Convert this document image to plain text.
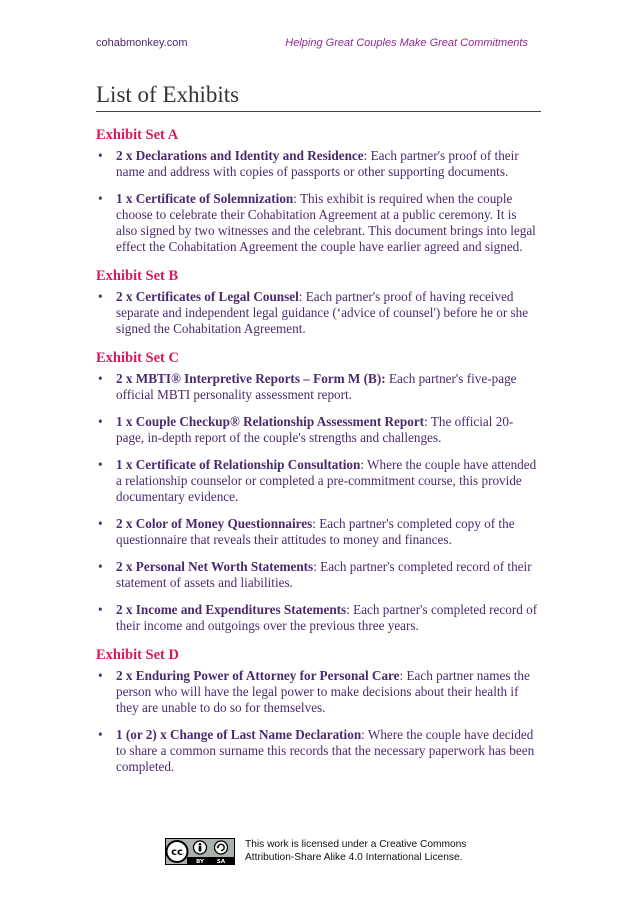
cohabmonkey.com	Helping Great Couples Make Great Commitments
List of Exhibits
Exhibit Set A
• 2 x Declarations and Identity and Residence: Each partner's proof of their name and address with copies of passports or other supporting documents.
• 1 x Certificate of Solemnization: This exhibit is required when the couple choose to celebrate their Cohabitation Agreement at a public ceremony. It is also signed by two witnesses and the celebrant. This document brings into legal effect the Cohabitation Agreement the couple have earlier agreed and signed.
Exhibit Set B
• 2 x Certificates of Legal Counsel: Each partner's proof of having received separate and independent legal guidance (‘advice of counsel') before he or she signed the Cohabitation Agreement.
Exhibit Set C
• 2 x MBTI® Interpretive Reports – Form M (B): Each partner's five-page official MBTI personality assessment report.
• 1 x Couple Checkup® Relationship Assessment Report: The official 20-page, in-depth report of the couple's strengths and challenges.
• 1 x Certificate of Relationship Consultation: Where the couple have attended a relationship counselor or completed a pre-commitment course, this provide documentary evidence.
• 2 x Color of Money Questionnaires: Each partner's completed copy of the questionnaire that reveals their attitudes to money and finances.
• 2 x Personal Net Worth Statements: Each partner's completed record of their statement of assets and liabilities.
• 2 x Income and Expenditures Statements: Each partner's completed record of their income and outgoings over the previous three years.
Exhibit Set D
• 2 x Enduring Power of Attorney for Personal Care: Each partner names the person who will have the legal power to make decisions about their health if they are unable to do so for themselves.
• 1 (or 2) x Change of Last Name Declaration: Where the couple have decided to share a common surname this records that the necessary paperwork has been completed.
cc
BY SA
This work is licensed under a Creative Commons
Attribution-Share Alike 4.0 International License.
